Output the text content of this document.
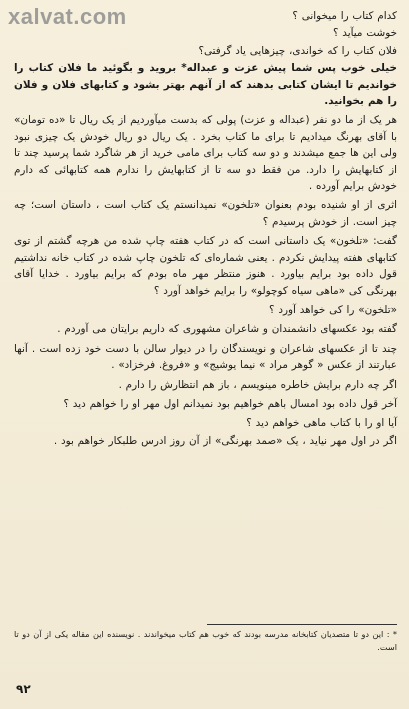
xalvat.com	کدام کتاب را میخوانی ؟

خوشت میآید ؟

فلان کتاب را که خواندی، چیزهایی یاد گرفتی؟

خیلی خوب پس شما پیش عزت و عبداله* بروید و بگوئید ما فلان کتاب را خواندیم تا ایشان کتابی بدهند که از آنهم بهتر بشود و کتابهای فلان و فلان را هم بخوانید.

هر یک از ما دو نفر (عبداله و عزت) پولی که بدست میآوردیم از یک ریال تا «ده تومان» با آقای بهرنگ میدادیم تا برای ما کتاب بخرد . یک ریال دو ریال خودش یک چیزی نبود ولی این ها جمع میشدند و دو سه کتاب برای مامی خرید از هر شاگرد شما پرسید چند تا از کتابهایش را دارد. من فقط دو سه تا از کتابهایش را ندارم همه کتابهائی که دارم خودش برایم آورده .

اثری از او شنیده بودم بعنوان «تلخون» نمیدانستم یک کتاب است ، داستان است؛ چه چیز است. از خودش پرسیدم ؟

گفت: «تلخون» یک داستانی است که در کتاب هفته چاپ شده من هرچه گشتم از توی کتابهای هفته پیدایش نکردم . یعنی شماره‌ای که تلخون چاپ شده در کتاب خانه نداشتیم قول داده بود برایم بیاورد . هنوز منتظر مهر ماه بودم که برایم بیاورد . خدایا آقای بهرنگی کی «ماهی سیاه کوچولو» را برایم خواهد آورد ؟

«تلخون» را کی خواهد آورد ؟

گفته بود عکسهای دانشمندان و شاعران مشهوری که داریم برایتان می آوردم .

چند تا از عکسهای شاعران و نویسندگان را در دیوار سالن با دست خود زده است . آنها عبارتند از عکس « گوهر مراد » نیما یوشیج» و «فروغ. فرخزاد» .

اگر چه دارم برایش خاطره مینویسم ، باز هم انتظارش را دارم .

آخر قول داده بود امسال باهم خواهیم بود نمیدانم اول مهر او را خواهم دید ؟

آیا او را با کتاب ماهی خواهم دید ؟

اگر در اول مهر نیاید ، یک «صمد بهرنگی» از آن روز ادرس طلبکار خواهم بود .

* : این دو تا متصدیان کتابخانه مدرسه بودند که خوب هم کتاب میخواندند . نویسنده این مقاله یکی از آن دو تا است.
۹۲
